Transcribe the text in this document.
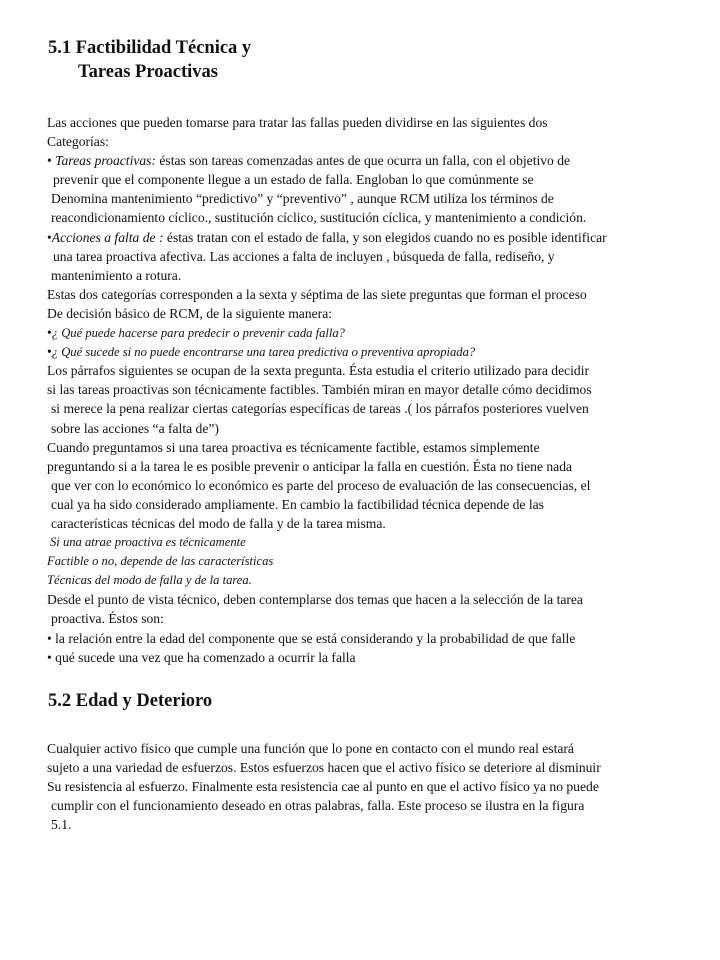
5.1 Factibilidad Técnica y
Tareas Proactivas
Las acciones que pueden tomarse para tratar las fallas pueden dividirse en las siguientes dos
Categorías:
• Tareas proactivas: éstas son tareas comenzadas antes de que ocurra un falla, con el objetivo de
prevenir que el componente llegue a un estado de falla. Engloban lo que comúnmente se
Denomina mantenimiento “predictivo” y “preventivo” , aunque RCM utiliza los términos de
reacondicionamiento cíclico., sustitución cíclico, sustitución cíclica, y mantenimiento a condición.
•Acciones a falta de : éstas tratan con el estado de falla, y son elegidos cuando no es posible identificar
una tarea proactiva afectiva. Las acciones a falta de incluyen , búsqueda de falla, rediseño, y
mantenimiento a rotura.
Estas dos categorías corresponden a la sexta y séptima de las siete preguntas que forman el proceso
De decisión básico de RCM, de la siguiente manera:
•¿ Qué puede hacerse para predecir o prevenir cada falla?
•¿ Qué sucede si no puede encontrarse una tarea predictiva o preventiva apropiada?
Los párrafos siguientes se ocupan de la sexta pregunta. Ésta estudia el criterio utilizado para decidir
si las tareas proactivas son técnicamente factibles. También miran en mayor detalle cómo decidimos
si merece la pena realizar ciertas categorías específicas de tareas .( los párrafos posteriores vuelven
sobre las acciones “a falta de”)
Cuando preguntamos si una tarea proactiva es técnicamente factible, estamos simplemente
preguntando si a la tarea le es posible prevenir o anticipar la falla en cuestión. Ésta no tiene nada
que ver con lo económico lo económico es parte del proceso de evaluación de las consecuencias, el
cual ya ha sido considerado ampliamente. En cambio la factibilidad técnica depende de las
características técnicas del modo de falla y de la tarea misma.
Si una atrae proactiva es técnicamente
Factible o no, depende de las características
Técnicas del modo de falla y de la tarea.
Desde el punto de vista técnico, deben contemplarse dos temas que hacen a la selección de la tarea
proactiva. Éstos son:
• la relación entre la edad del componente que se está considerando y la probabilidad de que falle
• qué sucede una vez que ha comenzado a ocurrir la falla
5.2 Edad y Deterioro
Cualquier activo físico que cumple una función que lo pone en contacto con el mundo real estará
sujeto a una variedad de esfuerzos. Estos esfuerzos hacen que el activo físico se deteriore al disminuir
Su resistencia al esfuerzo. Finalmente esta resistencia cae al punto en que el activo físico ya no puede
cumplir con el funcionamiento deseado en otras palabras, falla. Este proceso se ilustra en la figura
5.1.
